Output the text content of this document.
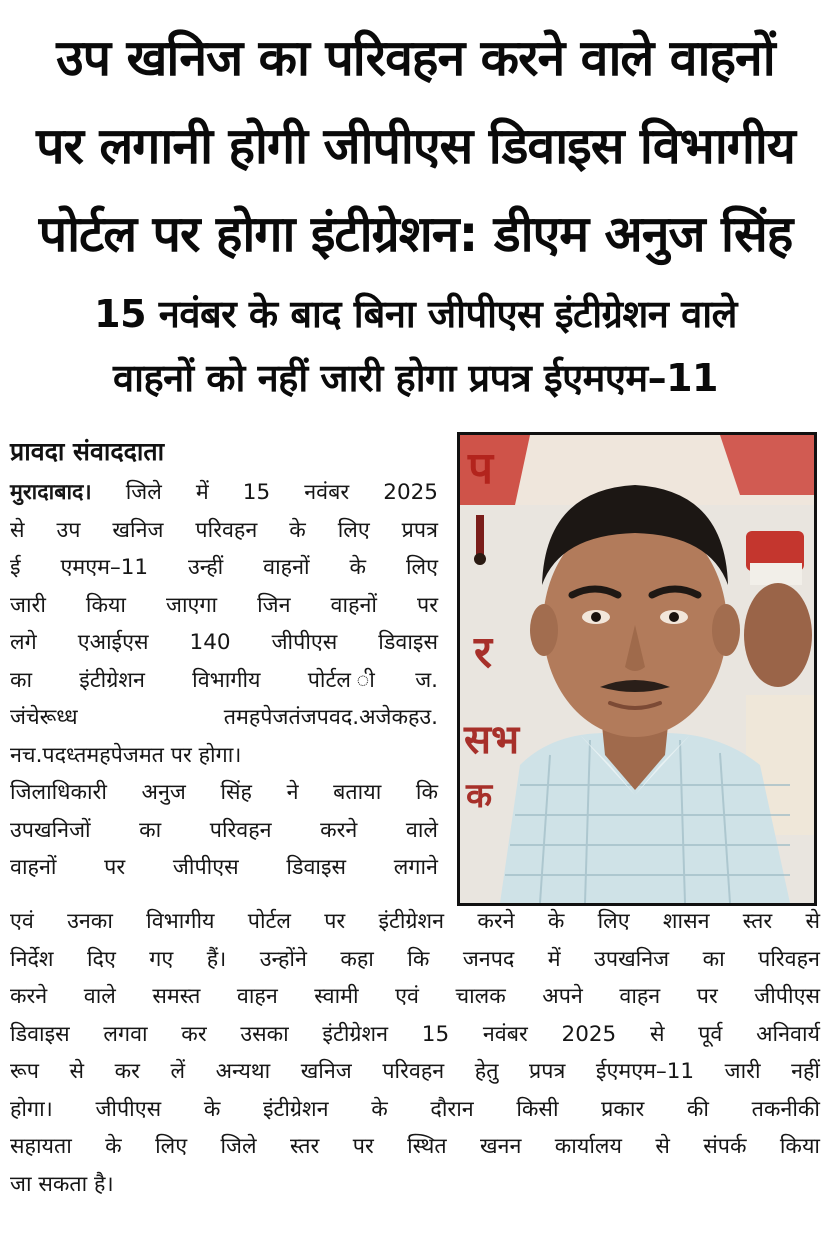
उप खनिज का परिवहन करने वाले वाहनों
पर लगानी होगी जीपीएस डिवाइस विभागीय
पोर्टल पर होगा इंटीग्रेशन: डीएम अनुज सिंह
15 नवंबर के बाद बिना जीपीएस इंटीग्रेशन वाले
वाहनों को नहीं जारी होगा प्रपत्र ईएमएम–11
प्रावदा संवाददाता	प
र
सभ
क
मुरादाबाद। जिले में 15 नवंबर 2025
से उप खनिज परिवहन के लिए प्रपत्र
ई एमएम–11 उन्हीं वाहनों के लिए
जारी किया जाएगा जिन वाहनों पर
लगे एआईएस 140 जीपीएस डिवाइस
का इंटीग्रेशन विभागीय पोर्टल ीज.
जंचेरूध्ध तमहपेजतंजपवद.अजेकहउ.
नच.पदध्तमहपेजमत पर होगा।
जिलाधिकारी अनुज सिंह ने बताया कि
उपखनिजों का परिवहन करने वाले
वाहनों पर जीपीएस डिवाइस लगाने
एवं उनका विभागीय पोर्टल पर इंटीग्रेशन करने के लिए शासन स्तर से
निर्देश दिए गए हैं। उन्होंने कहा कि जनपद में उपखनिज का परिवहन
करने वाले समस्त वाहन स्वामी एवं चालक अपने वाहन पर जीपीएस
डिवाइस लगवा कर उसका इंटीग्रेशन 15 नवंबर 2025 से पूर्व अनिवार्य
रूप से कर लें अन्यथा खनिज परिवहन हेतु प्रपत्र ईएमएम–11 जारी नहीं
होगा। जीपीएस के इंटीग्रेशन के दौरान किसी प्रकार की तकनीकी
सहायता के लिए जिले स्तर पर स्थित खनन कार्यालय से संपर्क किया
जा सकता है।
